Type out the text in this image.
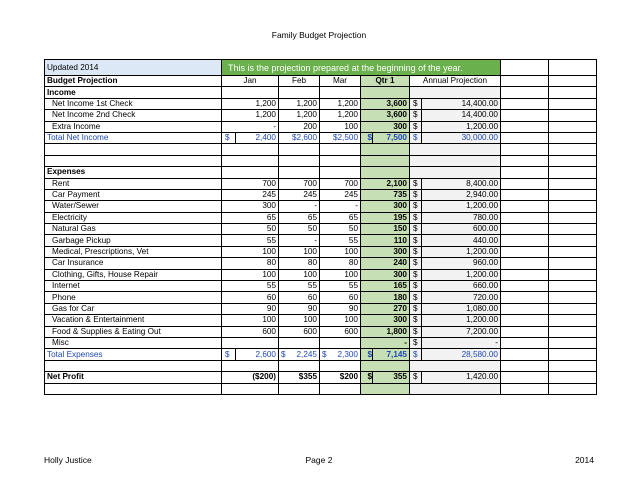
Family Budget Projection
Updated 2014	This is the projection prepared at the beginning of the year.									
Budget Projection	Jan		Feb	Mar	Qtr 1		Annual Projection			
Income										
Net Income 1st Check	1,200		1,200	1,200	3,600		$	14,400.00		
Net Income 2nd Check	1,200		1,200	1,200	3,600		$	14,400.00		
Extra Income	-		200	100	300		$	1,200.00		
Total Net Income	$	2,400	$2,600	$2,500	$	7,500	$	30,000.00		

Expenses										
Rent	700		700	700	2,100		$	8,400.00		
Car Payment	245		245	245	735		$	2,940.00		
Water/Sewer	300		-	-	300		$	1,200.00		
Electricity	65		65	65	195		$	780.00		
Natural Gas	50		50	50	150		$	600.00		
Garbage Pickup	55		-	55	110		$	440.00		
Medical, Prescriptions, Vet	100		100	100	300		$	1,200.00		
Car Insurance	80		80	80	240		$	960.00		
Clothing, Gifts, House Repair	100		100	100	300		$	1,200.00		
Internet	55		55	55	165		$	660.00		
Phone	60		60	60	180		$	720.00		
Gas for Car	90		90	90	270		$	1,080.00		
Vacation & Entertainment	100		100	100	300		$	1,200.00		
Food & Supplies & Eating Out	600		600	600	1,800		$	7,200.00		
Misc					-		$	-		
Total Expenses	$	2,600	$ 2,245	$ 2,300	$	7,145	$	28,580.00		

Net Profit	($200)		$355	$200	$	355	$	1,420.00		

Holly Justice	Page 2	2014
